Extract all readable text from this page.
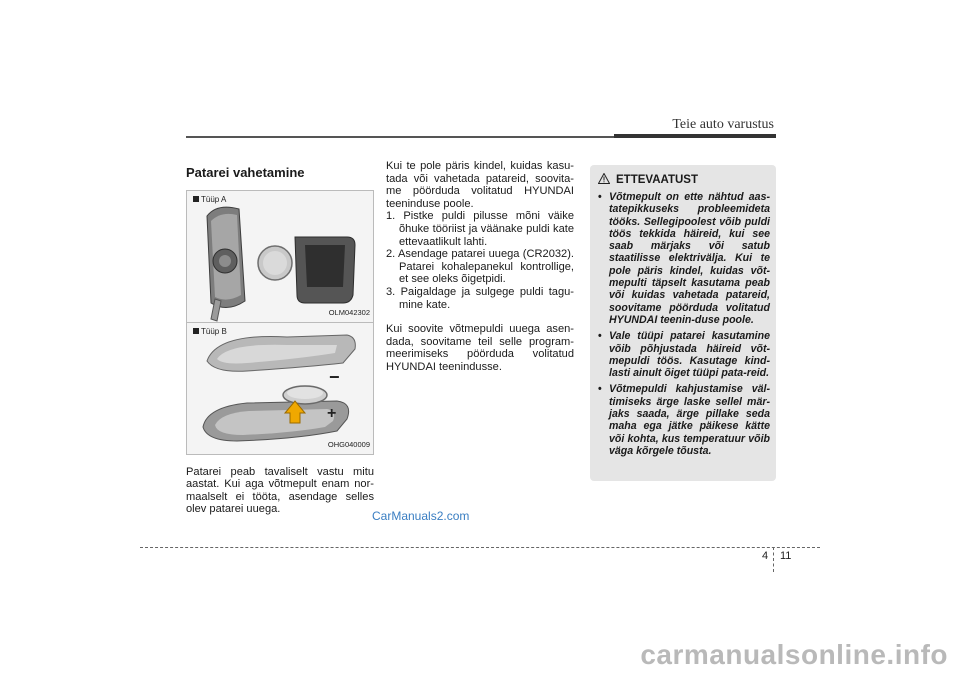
Teie auto varustus
Patarei vahetamine
Tüüp A
OLM042302
−
+
Tüüp B
OHG040009

Patarei peab tavaliselt vastu mitu aastat. Kui aga võtmepult enam nor-maalselt ei tööta, asendage selles olev patarei uuega.

Kui te pole päris kindel, kuidas kasu-tada või vahetada patareid, soovita-me pöörduda volitatud HYUNDAI teeninduse poole.

1. Pistke puldi pilusse mõni väike õhuke tööriist ja väänake puldi kate ettevaatlikult lahti.
2. Asendage patarei uuega (CR2032). Patarei kohalepanekul kontrollige, et see oleks õigetpidi.
3. Paigaldage ja sulgege puldi tagu-mine kate.

Kui soovite võtmepuldi uuega asen-dada, soovitame teil selle program-meerimiseks pöörduda volitatud HYUNDAI teenindusse.

ETTEVAATUST
• Võtmepult on ette nähtud aas-tatepikkuseks probleemideta tööks. Sellegipoolest võib puldi töös tekkida häireid, kui see saab märjaks või satub staatilisse elektrivälja. Kui te pole päris kindel, kuidas võt-mepulti täpselt kasutama peab või kuidas vahetada patareid, soovitame pöörduda volitatud HYUNDAI teenin-duse poole.
• Vale tüüpi patarei kasutamine võib põhjustada häireid võt-mepuldi töös. Kasutage kind-lasti ainult õiget tüüpi pata-reid.
• Võtmepuldi kahjustamise väl-timiseks ärge laske sellel mär-jaks saada, ärge pillake seda maha ega jätke päikese kätte või kohta, kus temperatuur võib väga kõrgele tõusta.
CarManuals2.com
4 11
carmanualsonline.info
